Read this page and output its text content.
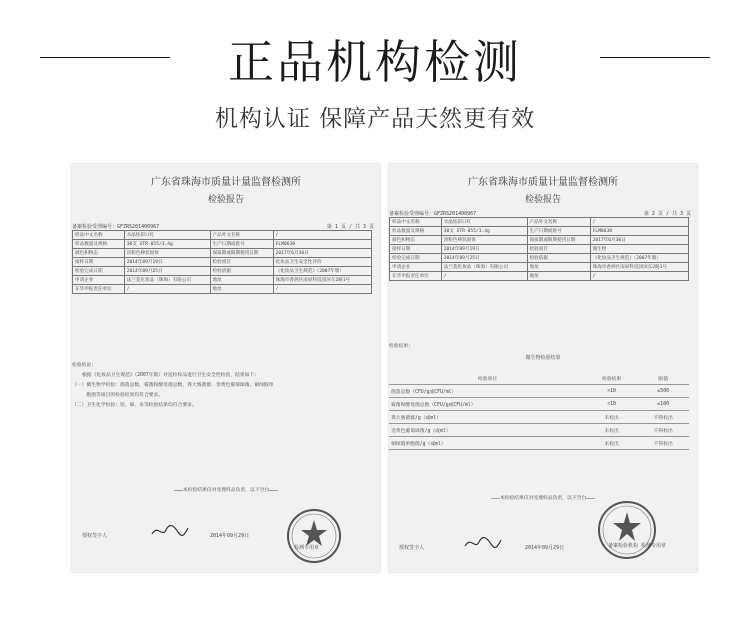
正品机构检测
机构认证 保障产品天然更有效
广东省珠海市质量计量监督检测所
检验报告
备案检验受理编号：GFZRS201400967	第 1 页 / 共 3 页
样品中文名称	水晶炫彩口红	产品外文名称	/
样品数量及规格	30支 XTR-055/3.4g	生产日期或批号	FLM0630
颜色和物态	淡粉色棒状固体	保质期或限期使用日期	2017年6月30日
接样日期	2014年09月19日	检验项目	化妆品卫生安全性评价
检验完成日期	2014年09月25日	检验依据	《化妆品卫生规范》（2007年版）
申请企业	法兰莫化妆品（珠海）有限公司	地址	珠海市香洲区南屏科技园屏东2路1号
在华申报责任单位	/	地址	/
检验结论：
根据《化妆品卫生规范》（2007年版）对送检样品进行卫生安全性检验，结果如下：
（一）微生物学检验：菌落总数、霉菌和酵母菌总数、粪大肠菌群、金黄色葡萄球菌、铜绿假单
　　　胞菌等项目的检验结果均符合要求。
（二）卫生化学检验：铅、砷、汞等检验结果均符合要求。
………本检验结果仅对受理样品负责，以下空白………
授权签字人	2014年09月29日
检测专用章
广东省珠海市质量计量监督检测所
检验报告
备案检验受理编号：GFZRS201400967	第 2 页 / 共 3 页
样品中文名称	水晶炫彩口红	产品外文名称	/
样品数量及规格	30支 XTR-055/3.4g	生产日期或批号	FLM0630
颜色和物态	淡粉色棒状固体	保质期或限期使用日期	2017年6月30日
接样日期	2014年09月19日	检验项目	微生物
检验完成日期	2014年09月25日	检验依据	《化妆品卫生规范》（2007年版）
申请企业	法兰莫化妆品（珠海）有限公司	地址	珠海市香洲区南屏科技园屏东2路1号
在华申报责任单位	/	地址	/
检验结果：
微生物检验结果
检验项目	检验结果	限值
菌落总数（CFU/g或CFU/ml）	<10	≤500
霉菌和酵母菌总数（CFU/g或CFU/ml）	<10	≤100
粪大肠菌群/g（或ml）	未检出	不得检出
金黄色葡萄球菌/g（或ml）	未检出	不得检出
铜绿假单胞菌/g（或ml）	未检出	不得检出
………本检验结果仅对受理样品负责，以下空白………
授权签字人	2014年09月29日	备案检验机构 检测专用章
